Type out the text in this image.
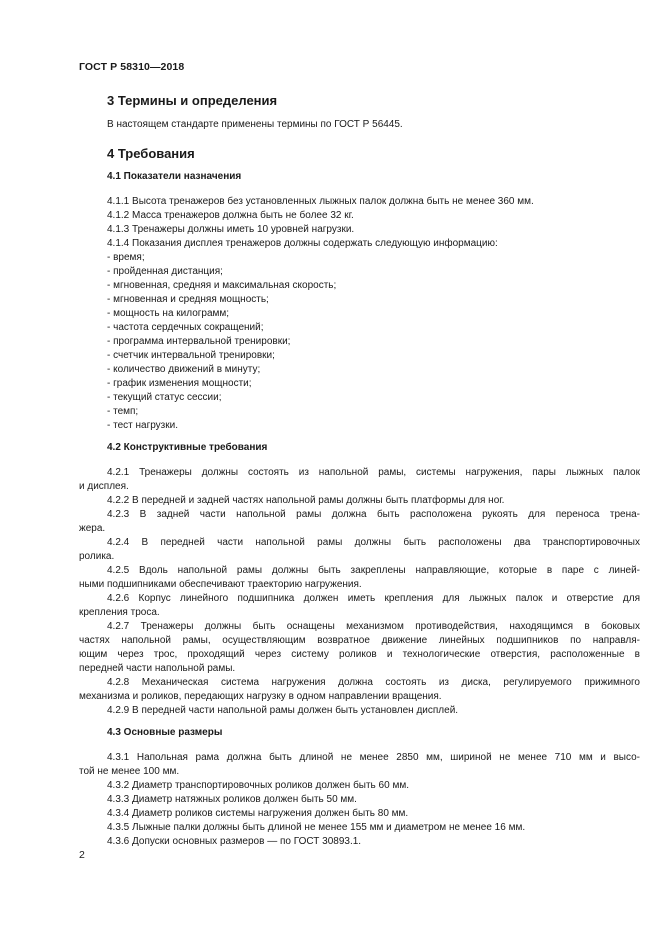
ГОСТ Р 58310—2018
3 Термины и определения
В настоящем стандарте применены термины по ГОСТ Р 56445.
4 Требования
4.1 Показатели назначения
4.1.1 Высота тренажеров без установленных лыжных палок должна быть не менее 360 мм.
4.1.2 Масса тренажеров должна быть не более 32 кг.
4.1.3 Тренажеры должны иметь 10 уровней нагрузки.
4.1.4 Показания дисплея тренажеров должны содержать следующую информацию:
- время;
- пройденная дистанция;
- мгновенная, средняя и максимальная скорость;
- мгновенная и средняя мощность;
- мощность на килограмм;
- частота сердечных сокращений;
- программа интервальной тренировки;
- счетчик интервальной тренировки;
- количество движений в минуту;
- график изменения мощности;
- текущий статус сессии;
- темп;
- тест нагрузки.
4.2 Конструктивные требования
4.2.1 Тренажеры должны состоять из напольной рамы, системы нагружения, пары лыжных палок
и дисплея.
4.2.2 В передней и задней частях напольной рамы должны быть платформы для ног.
4.2.3 В задней части напольной рамы должна быть расположена рукоять для переноса трена-
жера.
4.2.4 В передней части напольной рамы должны быть расположены два транспортировочных
ролика.
4.2.5 Вдоль напольной рамы должны быть закреплены направляющие, которые в паре с линей-
ными подшипниками обеспечивают траекторию нагружения.
4.2.6 Корпус линейного подшипника должен иметь крепления для лыжных палок и отверстие для
крепления троса.
4.2.7 Тренажеры должны быть оснащены механизмом противодействия, находящимся в боковых
частях напольной рамы, осуществляющим возвратное движение линейных подшипников по направля-
ющим через трос, проходящий через систему роликов и технологические отверстия, расположенные в
передней части напольной рамы.
4.2.8 Механическая система нагружения должна состоять из диска, регулируемого прижимного
механизма и роликов, передающих нагрузку в одном направлении вращения.
4.2.9 В передней части напольной рамы должен быть установлен дисплей.
4.3 Основные размеры
4.3.1 Напольная рама должна быть длиной не менее 2850 мм, шириной не менее 710 мм и высо-
той не менее 100 мм.
4.3.2 Диаметр транспортировочных роликов должен быть 60 мм.
4.3.3 Диаметр натяжных роликов должен быть 50 мм.
4.3.4 Диаметр роликов системы нагружения должен быть 80 мм.
4.3.5 Лыжные палки должны быть длиной не менее 155 мм и диаметром не менее 16 мм.
4.3.6 Допуски основных размеров — по ГОСТ 30893.1.
2
